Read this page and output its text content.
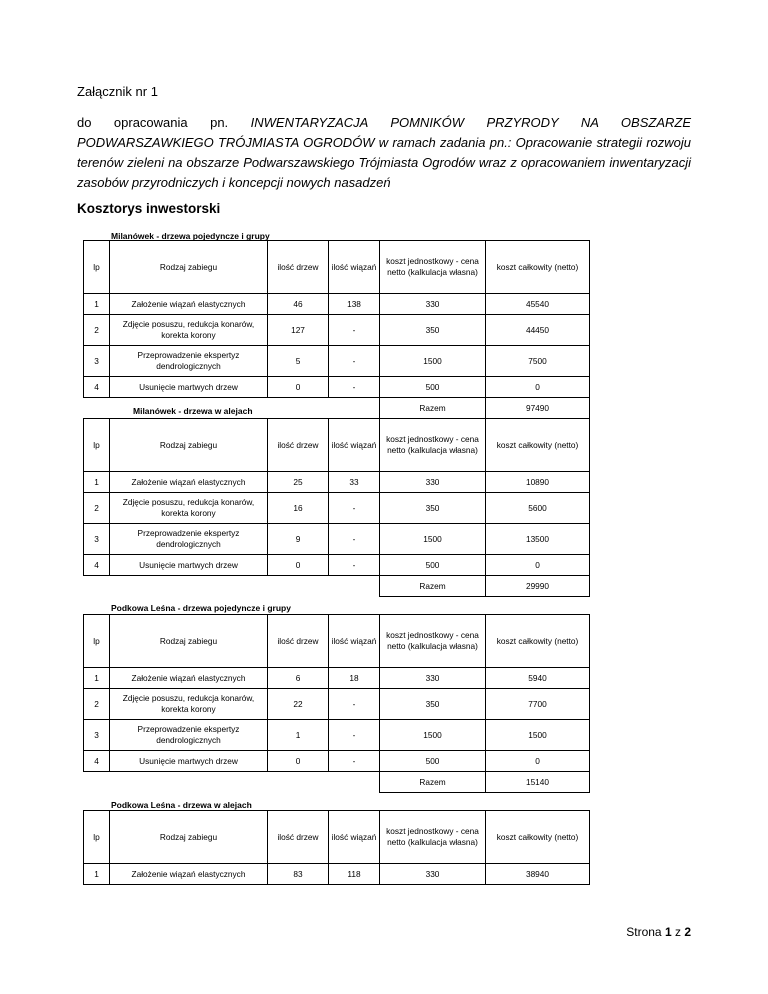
Załącznik nr 1
do opracowania pn. INWENTARYZACJA POMNIKÓW PRZYRODY NA OBSZARZE PODWARSZAWKIEGO TRÓJMIASTA OGRODÓW w ramach zadania pn.: Opracowanie strategii rozwoju terenów zieleni na obszarze Podwarszawskiego Trójmiasta Ogrodów wraz z opracowaniem inwentaryzacji zasobów przyrodniczych i koncepcji nowych nasadzeń
Kosztorys inwestorski
Milanówek - drzewa pojedyncze i grupy
lp	Rodzaj zabiegu	ilość drzew	ilość wiązań	koszt jednostkowy - cena netto (kalkulacja własna)	koszt całkowity (netto)
1	Założenie wiązań elastycznych	46	138	330	45540
2	Zdjęcie posuszu, redukcja konarów, korekta korony	127	-	350	44450
3	Przeprowadzenie ekspertyz dendrologicznych	5	-	1500	7500
4	Usunięcie martwych drzew	0	-	500	0
				Razem	97490
Milanówek - drzewa w alejach
lp	Rodzaj zabiegu	ilość drzew	ilość wiązań	koszt jednostkowy - cena netto (kalkulacja własna)	koszt całkowity (netto)
1	Założenie wiązań elastycznych	25	33	330	10890
2	Zdjęcie posuszu, redukcja konarów, korekta korony	16	-	350	5600
3	Przeprowadzenie ekspertyz dendrologicznych	9	-	1500	13500
4	Usunięcie martwych drzew	0	-	500	0
				Razem	29990
Podkowa Leśna - drzewa pojedyncze i grupy
lp	Rodzaj zabiegu	ilość drzew	ilość wiązań	koszt jednostkowy - cena netto (kalkulacja własna)	koszt całkowity (netto)
1	Założenie wiązań elastycznych	6	18	330	5940
2	Zdjęcie posuszu, redukcja konarów, korekta korony	22	-	350	7700
3	Przeprowadzenie ekspertyz dendrologicznych	1	-	1500	1500
4	Usunięcie martwych drzew	0	-	500	0
				Razem	15140
Podkowa Leśna - drzewa w alejach
lp	Rodzaj zabiegu	ilość drzew	ilość wiązań	koszt jednostkowy - cena netto (kalkulacja własna)	koszt całkowity (netto)
1	Założenie wiązań elastycznych	83	118	330	38940
Strona 1 z 2
